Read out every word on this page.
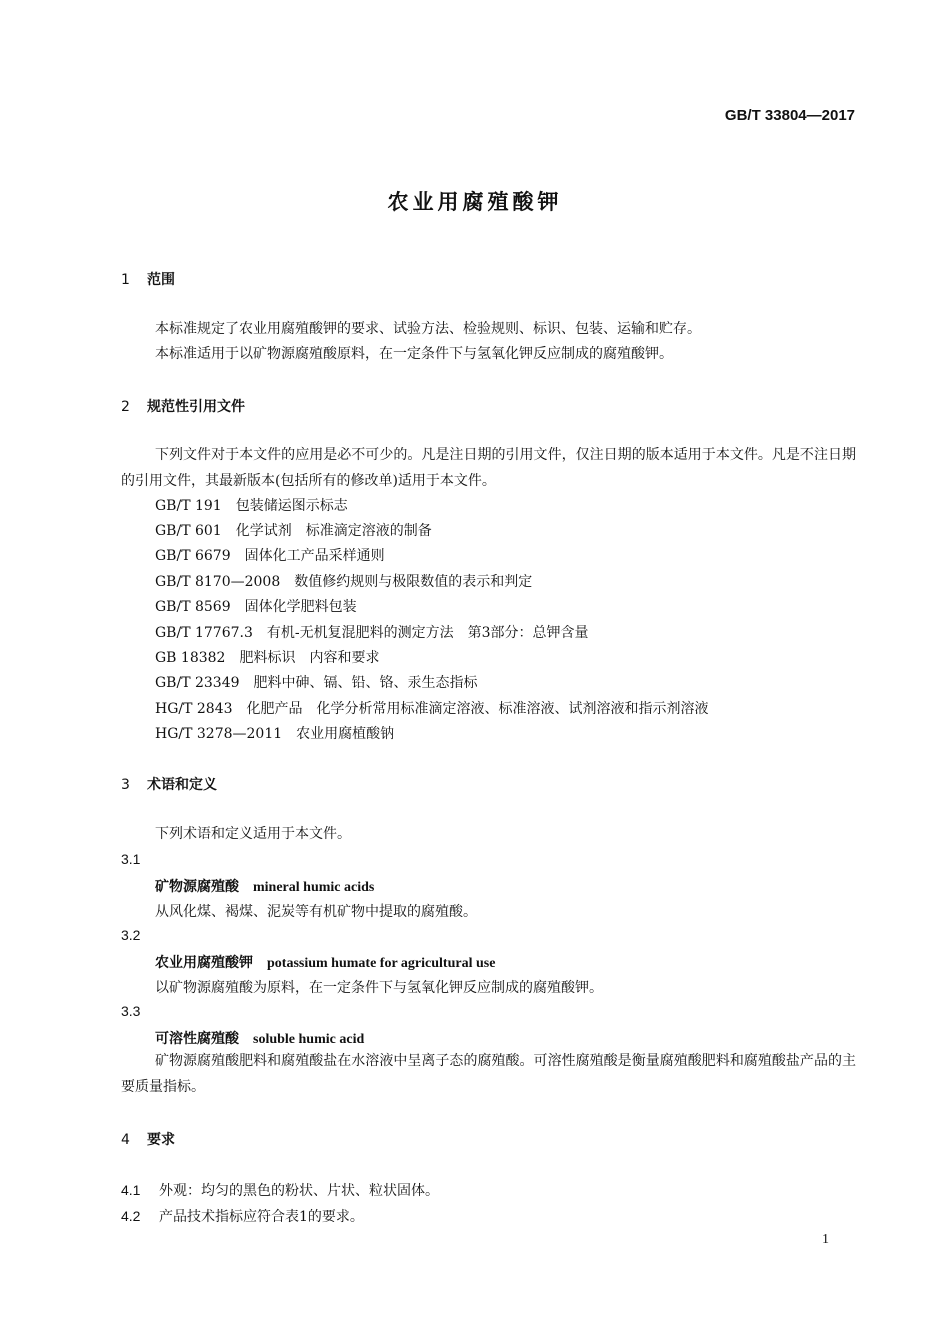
GB/T 33804—2017
农业用腐殖酸钾
1 范围
本标准规定了农业用腐殖酸钾的要求、试验方法、检验规则、标识、包装、运输和贮存。
本标准适用于以矿物源腐殖酸原料，在一定条件下与氢氧化钾反应制成的腐殖酸钾。
2 规范性引用文件
下列文件对于本文件的应用是必不可少的。凡是注日期的引用文件，仅注日期的版本适用于本文件。凡是不注日期的引用文件，其最新版本(包括所有的修改单)适用于本文件。
GB/T 191 包装储运图示标志
GB/T 601 化学试剂　标准滴定溶液的制备
GB/T 6679 固体化工产品采样通则
GB/T 8170—2008 数值修约规则与极限数值的表示和判定
GB/T 8569 固体化学肥料包装
GB/T 17767.3 有机-无机复混肥料的测定方法　第3部分：总钾含量
GB 18382 肥料标识　内容和要求
GB/T 23349 肥料中砷、镉、铅、铬、汞生态指标
HG/T 2843 化肥产品　化学分析常用标准滴定溶液、标准溶液、试剂溶液和指示剂溶液
HG/T 3278—2011 农业用腐植酸钠
3 术语和定义
下列术语和定义适用于本文件。
3.1
矿物源腐殖酸 mineral humic acids
从风化煤、褐煤、泥炭等有机矿物中提取的腐殖酸。
3.2
农业用腐殖酸钾 potassium humate for agricultural use
以矿物源腐殖酸为原料，在一定条件下与氢氧化钾反应制成的腐殖酸钾。
3.3
可溶性腐殖酸 soluble humic acid
矿物源腐殖酸肥料和腐殖酸盐在水溶液中呈离子态的腐殖酸。可溶性腐殖酸是衡量腐殖酸肥料和腐殖酸盐产品的主要质量指标。
4 要求
4.1 外观：均匀的黑色的粉状、片状、粒状固体。
4.2 产品技术指标应符合表1的要求。
1
